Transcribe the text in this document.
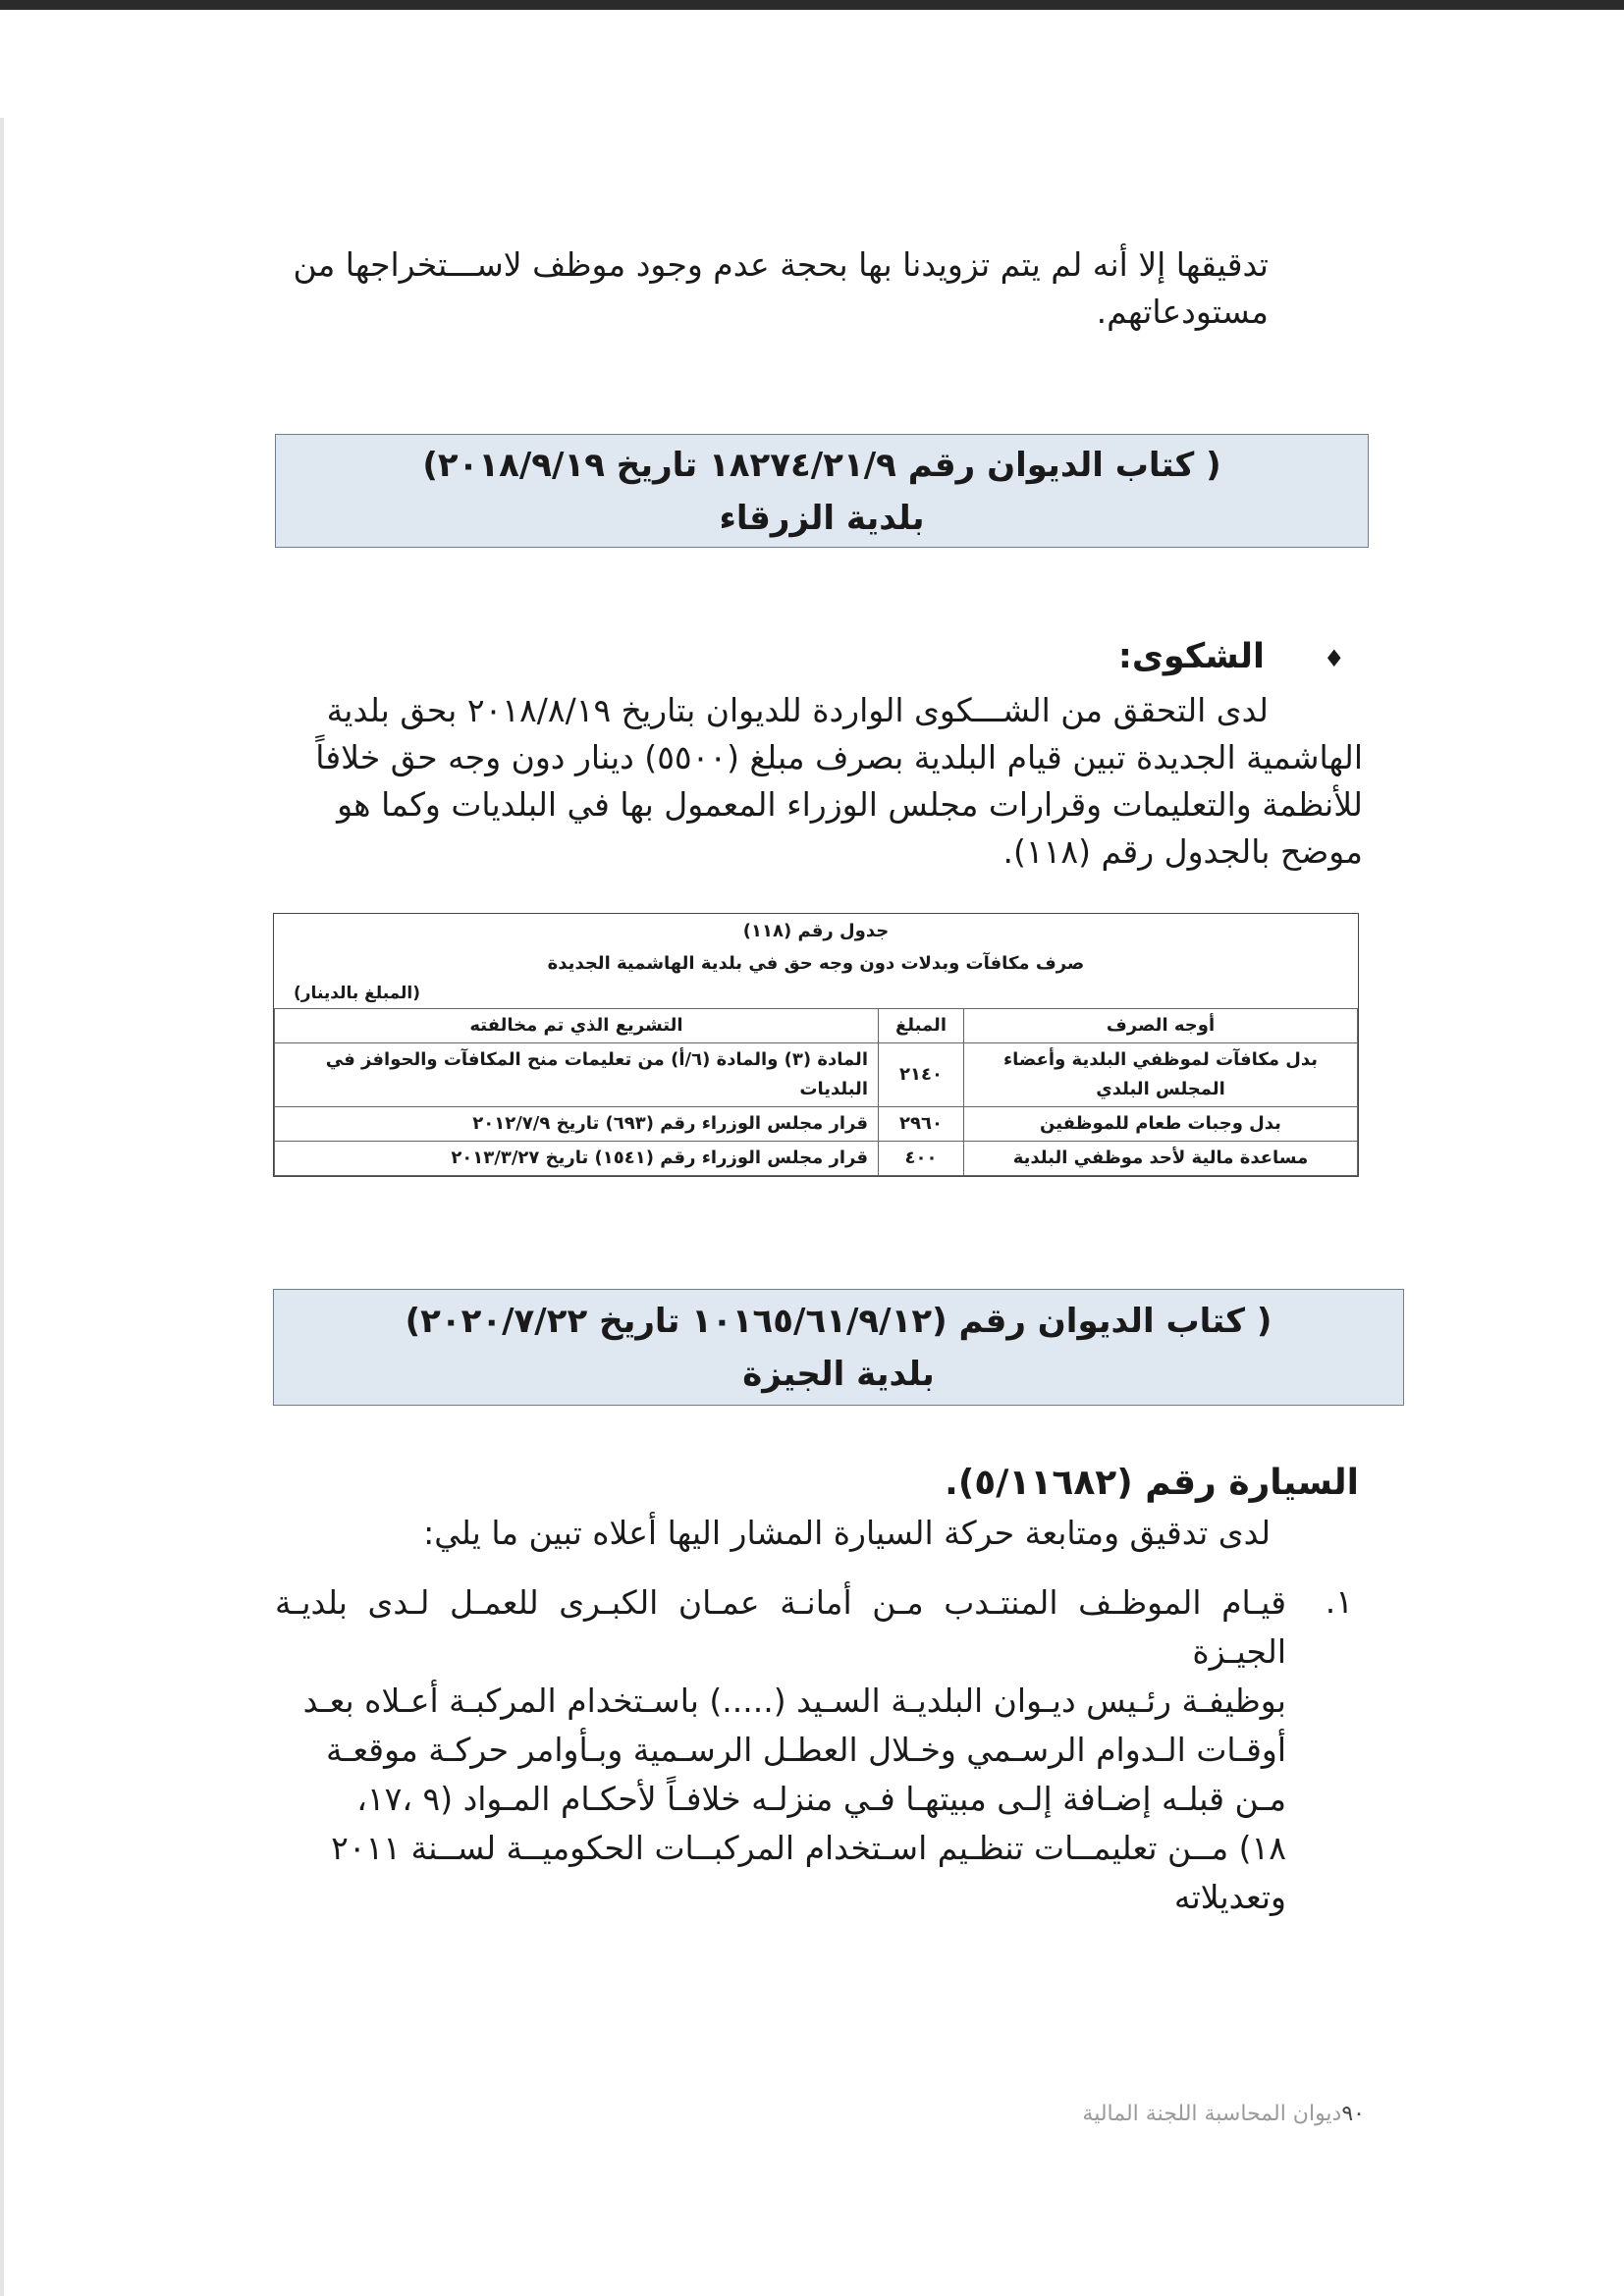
تدقيقها إلا أنه لم يتم تزويدنا بها بحجة عدم وجود موظف لاســـتخراجها من
مستودعاتهم.
( كتاب الديوان رقم ١٨٢٧٤/٢١/٩ تاريخ ٢٠١٨/٩/١٩)
بلدية الزرقاء
♦
الشكوى:
لدى التحقق من الشـــكوى الواردة للديوان بتاريخ ٢٠١٨/٨/١٩ بحق بلدية
الهاشمية الجديدة تبين قيام البلدية بصرف مبلغ (٥٥٠٠) دينار دون وجه حق خلافاً
للأنظمة والتعليمات وقرارات مجلس الوزراء المعمول بها في البلديات وكما هو
موضح بالجدول رقم (١١٨).
جدول رقم (١١٨)
صرف مكافآت وبدلات دون وجه حق في بلدية الهاشمية الجديدة
(المبلغ بالدينار)
أوجه الصرف	المبلغ	التشريع الذي تم مخالفته
بدل مكافآت لموظفي البلدية وأعضاء المجلس البلدي	٢١٤٠	المادة (٣) والمادة (٦/أ) من تعليمات منح المكافآت والحوافز في البلديات
بدل وجبات طعام للموظفين	٢٩٦٠	قرار مجلس الوزراء رقم (٦٩٣) تاريخ ٢٠١٢/٧/٩
مساعدة مالية لأحد موظفي البلدية	٤٠٠	قرار مجلس الوزراء رقم (١٥٤١) تاريخ ٢٠١٣/٣/٢٧
( كتاب الديوان رقم (١٠١٦٥/٦١/٩/١٢ تاريخ ٢٠٢٠/٧/٢٢)
بلدية الجيزة
السيارة رقم (٥/١١٦٨٢).
لدى تدقيق ومتابعة حركة السيارة المشار اليها أعلاه تبين ما يلي:
١.
قيـام الموظـف المنتـدب مـن أمانـة عمـان الكبـرى للعمـل لـدى بلديـة الجيـزة
بوظيفـة رئـيس ديـوان البلديـة السـيد (.....) باسـتخدام المركبـة أعـلاه بعـد
أوقـات الـدوام الرسـمي وخـلال العطـل الرسـمية وبـأوامر حركـة موقعـة
مـن قبلـه إضـافة إلـى مبيتهـا فـي منزلـه خلافـاً لأحكـام المـواد (٩ ،١٧،
١٨) مــن تعليمــات تنظـيم اسـتخدام المركبــات الحكوميــة لســنة ٢٠١١
وتعديلاته
٩٠ديوان المحاسبة اللجنة المالية
